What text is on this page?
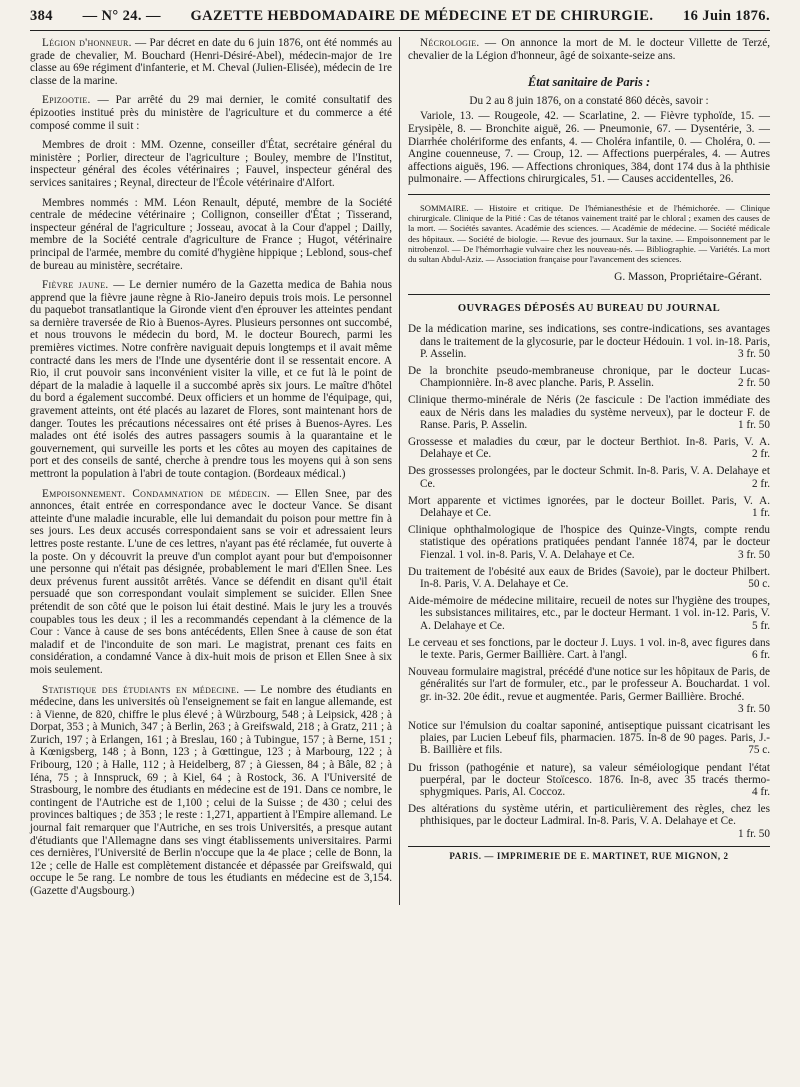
384 — N° 24. — GAZETTE HEBDOMADAIRE DE MÉDECINE ET DE CHIRURGIE. 16 Juin 1876.

Légion d'honneur. — Par décret en date du 6 juin 1876, ont été nommés au grade de chevalier, M. Bouchard (Henri-Désiré-Abel), médecin-major de 1re classe au 69e régiment d'infanterie, et M. Cheval (Julien-Elisée), médecin de 1re classe de la marine.

Epizootie. — Par arrêté du 29 mai dernier, le comité consultatif des épizooties institué près du ministère de l'agriculture et du commerce a été composé comme il suit :

Membres de droit : MM. Ozenne, conseiller d'État, secrétaire général du ministère ; Porlier, directeur de l'agriculture ; Bouley, membre de l'Institut, inspecteur général des écoles vétérinaires ; Fauvel, inspecteur général des services sanitaires ; Reynal, directeur de l'École vétérinaire d'Alfort.

Membres nommés : MM. Léon Renault, député, membre de la Société centrale de médecine vétérinaire ; Collignon, conseiller d'État ; Tisserand, inspecteur général de l'agriculture ; Josseau, avocat à la Cour d'appel ; Dailly, membre de la Société centrale d'agriculture de France ; Hugot, vétérinaire principal de l'armée, membre du comité d'hygiène hippique ; Leblond, sous-chef de bureau au ministère, secrétaire.

Fièvre jaune. — Le dernier numéro de la Gazetta medica de Bahia nous apprend que la fièvre jaune règne à Rio-Janeiro depuis trois mois. Le personnel du paquebot transatlantique la Gironde vient d'en éprouver les atteintes pendant sa dernière traversée de Rio à Buenos-Ayres. Plusieurs personnes ont succombé, et nous trouvons le médecin du bord, M. le docteur Bourech, parmi les premières victimes. Notre confrère naviguait depuis longtemps et il avait même contracté dans les mers de l'Inde une dysentérie dont il se ressentait encore. A Rio, il crut pouvoir sans inconvénient visiter la ville, et ce fut là le point de départ de la maladie à laquelle il a succombé après six jours. Le maître d'hôtel du bord a également succombé. Deux officiers et un homme de l'équipage, qui, gravement atteints, ont été placés au lazaret de Flores, sont maintenant hors de danger. Toutes les précautions nécessaires ont été prises à Buenos-Ayres. Les malades ont été isolés des autres passagers soumis à la quarantaine et le gouvernement, qui surveille les ports et les côtes au moyen des capitaines de port et des conseils de santé, cherche à prendre tous les moyens qui à son sens mettront la population à l'abri de toute contagion. (Bordeaux médical.)

Empoisonnement. Condamnation de médecin. — Ellen Snee, par des annonces, était entrée en correspondance avec le docteur Vance. Se disant atteinte d'une maladie incurable, elle lui demandait du poison pour mettre fin à ses jours. Les deux accusés correspondaient sans se voir et adressaient leurs lettres poste restante. L'une de ces lettres, n'ayant pas été réclamée, fut ouverte à la poste. On y découvrit la preuve d'un complot ayant pour but d'empoisonner une personne qui n'était pas désignée, probablement le mari d'Ellen Snee. Les deux prévenus furent aussitôt arrêtés. Vance se défendit en disant qu'il était persuadé que son correspondant voulait simplement se suicider. Ellen Snee prétendit de son côté que le poison lui était destiné. Mais le jury les a trouvés coupables tous les deux ; il les a recommandés cependant à la clémence de la Cour : Vance à cause de ses bons antécédents, Ellen Snee à cause de son état maladif et de l'inconduite de son mari. Le magistrat, prenant ces faits en considération, a condamné Vance à dix-huit mois de prison et Ellen Snee à six mois seulement.

Statistique des étudiants en médecine. — Le nombre des étudiants en médecine, dans les universités où l'enseignement se fait en langue allemande, est : à Vienne, de 820, chiffre le plus élevé ; à Würzbourg, 548 ; à Leipsick, 428 ; à Dorpat, 353 ; à Munich, 347 ; à Berlin, 263 ; à Greifswald, 218 ; à Gratz, 211 ; à Zurich, 197 ; à Erlangen, 161 ; à Breslau, 160 ; à Tubingue, 157 ; à Berne, 151 ; à Kœnigsberg, 148 ; à Bonn, 123 ; à Gœttingue, 123 ; à Marbourg, 122 ; à Fribourg, 120 ; à Halle, 112 ; à Heidelberg, 87 ; à Giessen, 84 ; à Bâle, 82 ; à Iéna, 75 ; à Innspruck, 69 ; à Kiel, 64 ; à Rostock, 36. A l'Université de Strasbourg, le nombre des étudiants en médecine est de 191. Dans ce nombre, le contingent de l'Autriche est de 1,100 ; celui de la Suisse ; de 430 ; celui des provinces baltiques ; de 353 ; le reste : 1,271, appartient à l'Empire allemand. Le journal fait remarquer que l'Autriche, en ses trois Universités, a presque autant d'étudiants que l'Allemagne dans ses vingt établissements universitaires. Parmi ces dernières, l'Université de Berlin n'occupe que la 4e place ; celle de Bonn, la 12e ; celle de Halle est complètement distancée et dépassée par Greifswald, qui occupe le 5e rang. Le nombre de tous les étudiants en médecine est de 3,154. (Gazette d'Augsbourg.)

Nécrologie. — On annonce la mort de M. le docteur Villette de Terzé, chevalier de la Légion d'honneur, âgé de soixante-seize ans.

État sanitaire de Paris :

Du 2 au 8 juin 1876, on a constaté 860 décès, savoir :

Variole, 13. — Rougeole, 42. — Scarlatine, 2. — Fièvre typhoïde, 15. — Erysipèle, 8. — Bronchite aiguë, 26. — Pneumonie, 67. — Dysentérie, 3. — Diarrhée cholériforme des enfants, 4. — Choléra infantile, 0. — Choléra, 0. — Angine couenneuse, 7. — Croup, 12. — Affections puerpérales, 4. — Autres affections aiguës, 196. — Affections chroniques, 384, dont 174 dus à la phthisie pulmonaire. — Affections chirurgicales, 51. — Causes accidentelles, 26.

SOMMAIRE. — Histoire et critique. De l'hémianesthésie et de l'hémichorée. — Clinique chirurgicale. Clinique de la Pitié : Cas de tétanos vainement traité par le chloral ; examen des causes de la mort. — Sociétés savantes. Académie des sciences. — Académie de médecine. — Société médicale des hôpitaux. — Société de biologie. — Revue des journaux. Sur la taxine. — Empoisonnement par le nitrobenzol. — De l'hémorrhagie vulvaire chez les nouveau-nés. — Bibliographie. — Variétés. La mort du sultan Abdul-Aziz. — Association française pour l'avancement des sciences.

G. Masson, Propriétaire-Gérant.
OUVRAGES DÉPOSÉS AU BUREAU DU JOURNAL
De la médication marine, ses indications, ses contre-indications, ses avantages dans le traitement de la glycosurie, par le docteur Hédouin. 1 vol. in-18. Paris, P. Asselin.	3 fr. 50
De la bronchite pseudo-membraneuse chronique, par le docteur Lucas-Championnière. In-8 avec planche. Paris, P. Asselin.	2 fr. 50
Clinique thermo-minérale de Néris (2e fascicule : De l'action immédiate des eaux de Néris dans les maladies du système nerveux), par le docteur F. de Ranse. Paris, P. Asselin.	1 fr. 50
Grossesse et maladies du cœur, par le docteur Berthiot. In-8. Paris, V. A. Delahaye et Ce.	2 fr.
Des grossesses prolongées, par le docteur Schmit. In-8. Paris, V. A. Delahaye et Ce.	2 fr.
Mort apparente et victimes ignorées, par le docteur Boillet. Paris, V. A. Delahaye et Ce.	1 fr.
Clinique ophthalmologique de l'hospice des Quinze-Vingts, compte rendu statistique des opérations pratiquées pendant l'année 1874, par le docteur Fienzal. 1 vol. in-8. Paris, V. A. Delahaye et Ce.	3 fr. 50
Du traitement de l'obésité aux eaux de Brides (Savoie), par le docteur Philbert. In-8. Paris, V. A. Delahaye et Ce.	50 c.
Aide-mémoire de médecine militaire, recueil de notes sur l'hygiène des troupes, les subsistances militaires, etc., par le docteur Hermant. 1 vol. in-12. Paris, V. A. Delahaye et Ce.	5 fr.
Le cerveau et ses fonctions, par le docteur J. Luys. 1 vol. in-8, avec figures dans le texte. Paris, Germer Baillière. Cart. à l'angl.	6 fr.
Nouveau formulaire magistral, précédé d'une notice sur les hôpitaux de Paris, de généralités sur l'art de formuler, etc., par le professeur A. Bouchardat. 1 vol. gr. in-32. 20e édit., revue et augmentée. Paris, Germer Baillière. Broché.
3 fr. 50
Notice sur l'émulsion du coaltar saponiné, antiseptique puissant cicatrisant les plaies, par Lucien Lebeuf fils, pharmacien. 1875. In-8 de 90 pages. Paris, J.-B. Baillière et fils.	75 c.
Du frisson (pathogénie et nature), sa valeur séméiologique pendant l'état puerpéral, par le docteur Stoïcesco. 1876. In-8, avec 35 tracés thermo-sphygmiques. Paris, Al. Coccoz.	4 fr.
Des altérations du système utérin, et particulièrement des règles, chez les phthisiques, par le docteur Ladmiral. In-8. Paris, V. A. Delahaye et Ce.
1 fr. 50
PARIS. — IMPRIMERIE DE E. MARTINET, RUE MIGNON, 2
